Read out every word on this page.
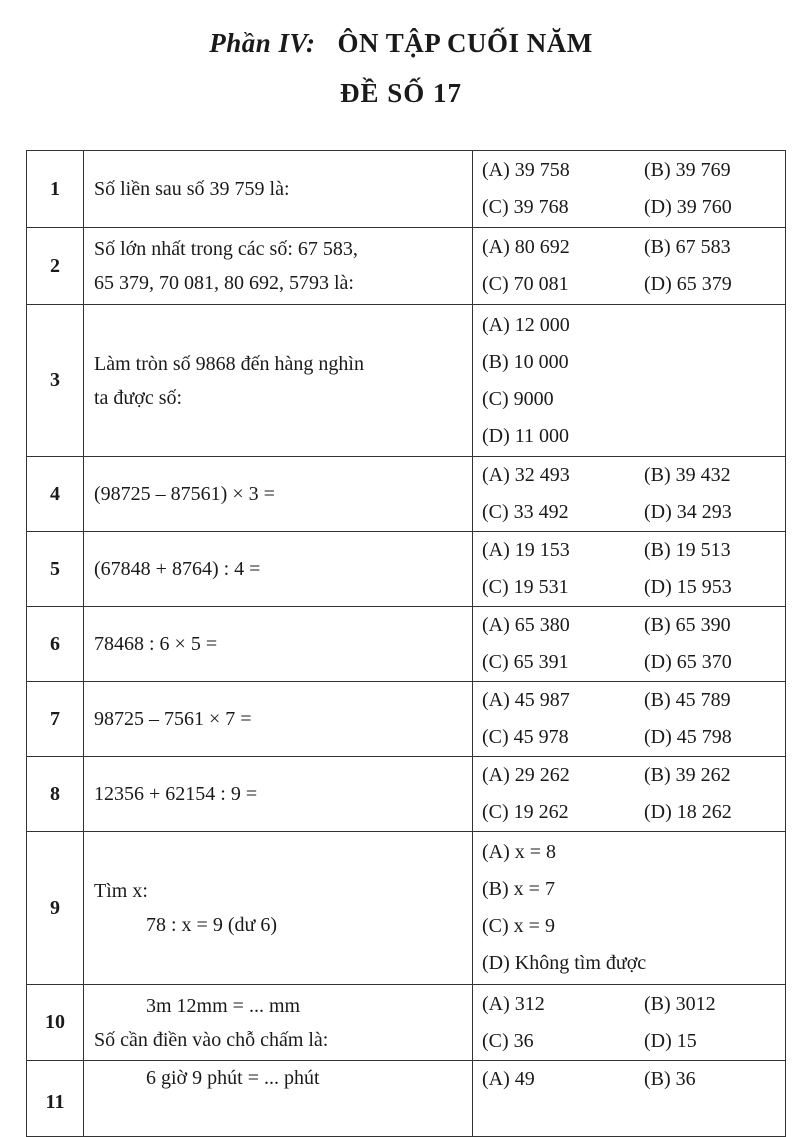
Phần IV: ÔN TẬP CUỐI NĂM
ĐỀ SỐ 17
1	Số liền sau số 39 759 là:	(A) 39 758 (B) 39 769
(C) 39 768 (D) 39 760

2	Số lớn nhất trong các số: 67 583,
65 379, 70 081, 80 692, 5793 là:	(A) 80 692 (B) 67 583
(C) 70 081 (D) 65 379

3	Làm tròn số 9868 đến hàng nghìn
ta được số:	(A) 12 000
(B) 10 000
(C) 9000
(D) 11 000

4	(98725 – 87561) × 3 =	(A) 32 493 (B) 39 432
(C) 33 492 (D) 34 293

5	(67848 + 8764) : 4 =	(A) 19 153 (B) 19 513
(C) 19 531 (D) 15 953

6	78468 : 6 × 5 =	(A) 65 380 (B) 65 390
(C) 65 391 (D) 65 370

7	98725 – 7561 × 7 =	(A) 45 987 (B) 45 789
(C) 45 978 (D) 45 798

8	12356 + 62154 : 9 =	(A) 29 262 (B) 39 262
(C) 19 262 (D) 18 262

9	Tìm x:
78 : x = 9 (dư 6)	(A) x = 8
(B) x = 7
(C) x = 9
(D) Không tìm được

10	3m 12mm = ... mm
Số cần điền vào chỗ chấm là:	(A) 312 (B) 3012
(C) 36 (D) 15

11	6 giờ 9 phút = ... phút	(A) 49 (B) 36
